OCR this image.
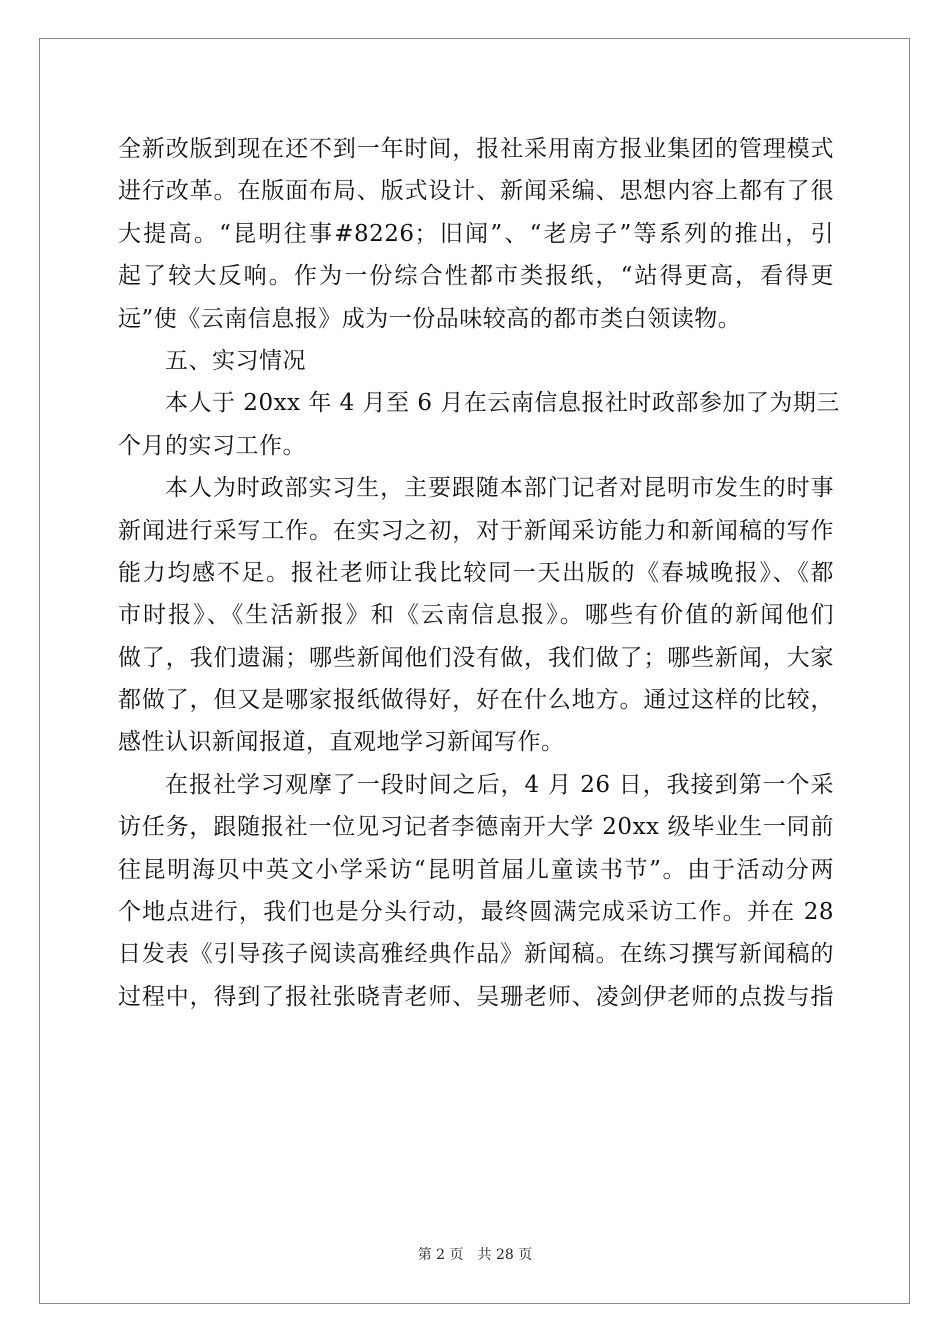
全新改版到现在还不到一年时间，报社采用南方报业集团的管理模式
进行改革。在版面布局、版式设计、新闻采编、思想内容上都有了很
大提高。“昆明往事#8226；旧闻”、“老房子”等系列的推出，引
起了较大反响。作为一份综合性都市类报纸，“站得更高，看得更
远”使《云南信息报》成为一份品味较高的都市类白领读物。
五、实习情况
本人于 20xx 年 4 月至 6 月在云南信息报社时政部参加了为期三
个月的实习工作。
本人为时政部实习生，主要跟随本部门记者对昆明市发生的时事
新闻进行采写工作。在实习之初，对于新闻采访能力和新闻稿的写作
能力均感不足。报社老师让我比较同一天出版的《春城晚报》、《都
市时报》、《生活新报》和《云南信息报》。哪些有价值的新闻他们
做了，我们遗漏；哪些新闻他们没有做，我们做了；哪些新闻，大家
都做了，但又是哪家报纸做得好，好在什么地方。通过这样的比较，
感性认识新闻报道，直观地学习新闻写作。
在报社学习观摩了一段时间之后，4 月 26 日，我接到第一个采
访任务，跟随报社一位见习记者李德南开大学 20xx 级毕业生一同前
往昆明海贝中英文小学采访“昆明首届儿童读书节”。由于活动分两
个地点进行，我们也是分头行动，最终圆满完成采访工作。并在 28
日发表《引导孩子阅读高雅经典作品》新闻稿。在练习撰写新闻稿的
过程中，得到了报社张晓青老师、吴珊老师、凌剑伊老师的点拨与指
第 2 页 共 28 页
